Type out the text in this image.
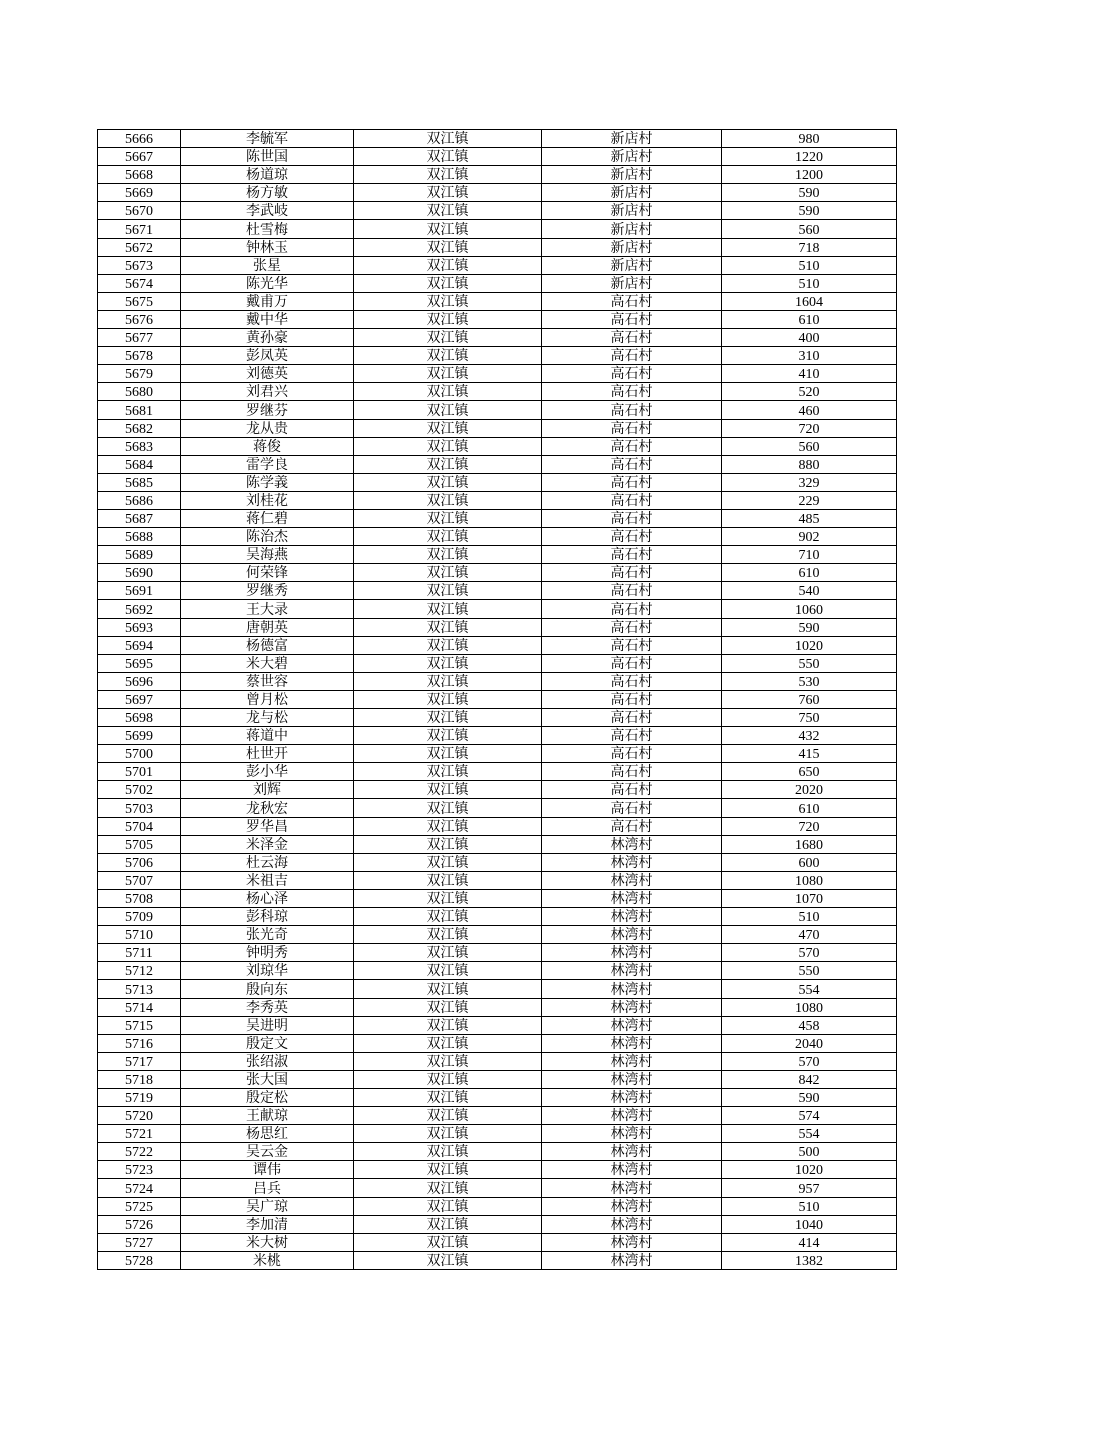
5666	李毓军	双江镇	新店村	980
5667	陈世国	双江镇	新店村	1220
5668	杨道琼	双江镇	新店村	1200
5669	杨方敏	双江镇	新店村	590
5670	李武岐	双江镇	新店村	590
5671	杜雪梅	双江镇	新店村	560
5672	钟林玉	双江镇	新店村	718
5673	张星	双江镇	新店村	510
5674	陈光华	双江镇	新店村	510
5675	戴甫万	双江镇	高石村	1604
5676	戴中华	双江镇	高石村	610
5677	黄孙豪	双江镇	高石村	400
5678	彭凤英	双江镇	高石村	310
5679	刘德英	双江镇	高石村	410
5680	刘君兴	双江镇	高石村	520
5681	罗继芬	双江镇	高石村	460
5682	龙从贵	双江镇	高石村	720
5683	蒋俊	双江镇	高石村	560
5684	雷学良	双江镇	高石村	880
5685	陈学義	双江镇	高石村	329
5686	刘桂花	双江镇	高石村	229
5687	蒋仁碧	双江镇	高石村	485
5688	陈治杰	双江镇	高石村	902
5689	吴海燕	双江镇	高石村	710
5690	何荣锋	双江镇	高石村	610
5691	罗继秀	双江镇	高石村	540
5692	王大录	双江镇	高石村	1060
5693	唐朝英	双江镇	高石村	590
5694	杨德富	双江镇	高石村	1020
5695	米大碧	双江镇	高石村	550
5696	蔡世容	双江镇	高石村	530
5697	曾月松	双江镇	高石村	760
5698	龙与松	双江镇	高石村	750
5699	蒋道中	双江镇	高石村	432
5700	杜世开	双江镇	高石村	415
5701	彭小华	双江镇	高石村	650
5702	刘辉	双江镇	高石村	2020
5703	龙秋宏	双江镇	高石村	610
5704	罗华昌	双江镇	高石村	720
5705	米泽金	双江镇	林湾村	1680
5706	杜云海	双江镇	林湾村	600
5707	米祖吉	双江镇	林湾村	1080
5708	杨心泽	双江镇	林湾村	1070
5709	彭科琼	双江镇	林湾村	510
5710	张光奇	双江镇	林湾村	470
5711	钟明秀	双江镇	林湾村	570
5712	刘琼华	双江镇	林湾村	550
5713	殷向东	双江镇	林湾村	554
5714	李秀英	双江镇	林湾村	1080
5715	吴进明	双江镇	林湾村	458
5716	殷定文	双江镇	林湾村	2040
5717	张绍淑	双江镇	林湾村	570
5718	张大国	双江镇	林湾村	842
5719	殷定松	双江镇	林湾村	590
5720	王献琼	双江镇	林湾村	574
5721	杨思红	双江镇	林湾村	554
5722	吴云金	双江镇	林湾村	500
5723	谭伟	双江镇	林湾村	1020
5724	吕兵	双江镇	林湾村	957
5725	吴广琼	双江镇	林湾村	510
5726	李加清	双江镇	林湾村	1040
5727	米大树	双江镇	林湾村	414
5728	米桃	双江镇	林湾村	1382
